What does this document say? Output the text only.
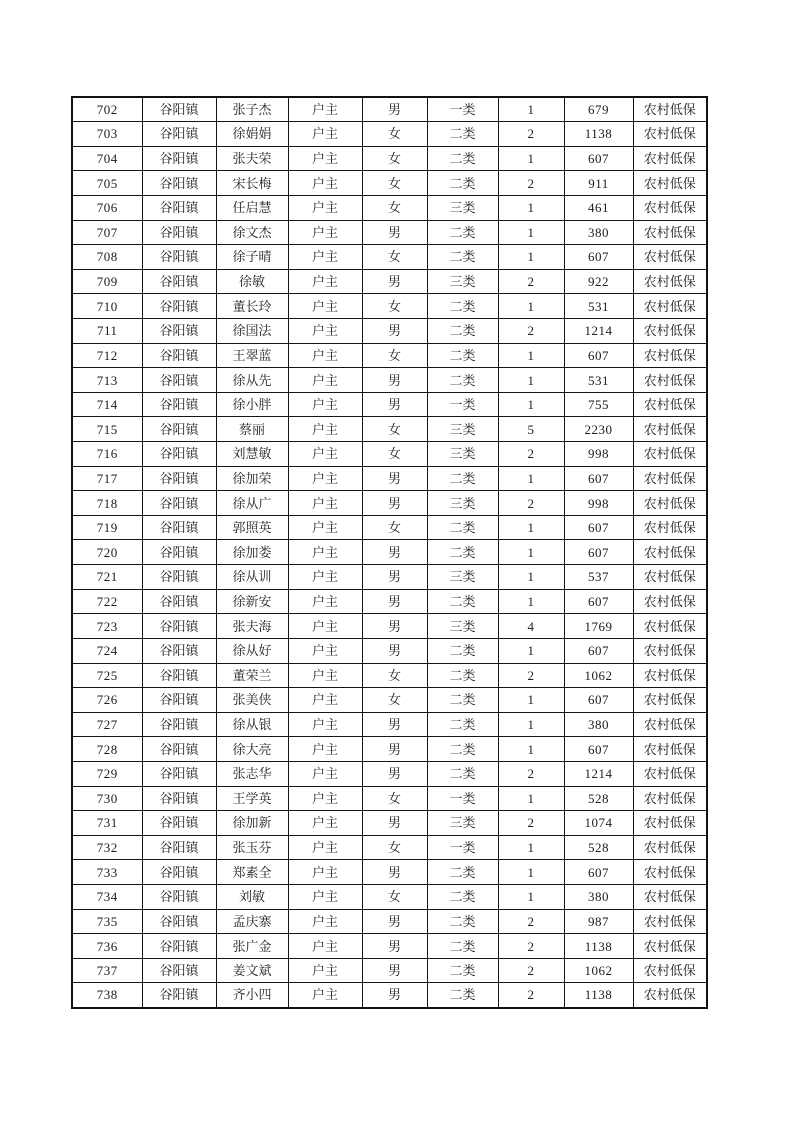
702	谷阳镇	张子杰	户主	男	一类	1	679	农村低保
703	谷阳镇	徐娟娟	户主	女	二类	2	1138	农村低保
704	谷阳镇	张夫荣	户主	女	二类	1	607	农村低保
705	谷阳镇	宋长梅	户主	女	二类	2	911	农村低保
706	谷阳镇	任启慧	户主	女	三类	1	461	农村低保
707	谷阳镇	徐文杰	户主	男	二类	1	380	农村低保
708	谷阳镇	徐子晴	户主	女	二类	1	607	农村低保
709	谷阳镇	徐敏	户主	男	三类	2	922	农村低保
710	谷阳镇	董长玲	户主	女	二类	1	531	农村低保
711	谷阳镇	徐国法	户主	男	二类	2	1214	农村低保
712	谷阳镇	王翠蓝	户主	女	二类	1	607	农村低保
713	谷阳镇	徐从先	户主	男	二类	1	531	农村低保
714	谷阳镇	徐小胖	户主	男	一类	1	755	农村低保
715	谷阳镇	蔡丽	户主	女	三类	5	2230	农村低保
716	谷阳镇	刘慧敏	户主	女	三类	2	998	农村低保
717	谷阳镇	徐加荣	户主	男	二类	1	607	农村低保
718	谷阳镇	徐从广	户主	男	三类	2	998	农村低保
719	谷阳镇	郭照英	户主	女	二类	1	607	农村低保
720	谷阳镇	徐加娄	户主	男	二类	1	607	农村低保
721	谷阳镇	徐从训	户主	男	三类	1	537	农村低保
722	谷阳镇	徐新安	户主	男	二类	1	607	农村低保
723	谷阳镇	张夫海	户主	男	三类	4	1769	农村低保
724	谷阳镇	徐从好	户主	男	二类	1	607	农村低保
725	谷阳镇	董荣兰	户主	女	二类	2	1062	农村低保
726	谷阳镇	张美侠	户主	女	二类	1	607	农村低保
727	谷阳镇	徐从银	户主	男	二类	1	380	农村低保
728	谷阳镇	徐大亮	户主	男	二类	1	607	农村低保
729	谷阳镇	张志华	户主	男	二类	2	1214	农村低保
730	谷阳镇	王学英	户主	女	一类	1	528	农村低保
731	谷阳镇	徐加新	户主	男	三类	2	1074	农村低保
732	谷阳镇	张玉芬	户主	女	一类	1	528	农村低保
733	谷阳镇	郑素全	户主	男	二类	1	607	农村低保
734	谷阳镇	刘敏	户主	女	二类	1	380	农村低保
735	谷阳镇	孟庆寨	户主	男	二类	2	987	农村低保
736	谷阳镇	张广金	户主	男	二类	2	1138	农村低保
737	谷阳镇	姜文斌	户主	男	二类	2	1062	农村低保
738	谷阳镇	齐小四	户主	男	二类	2	1138	农村低保
